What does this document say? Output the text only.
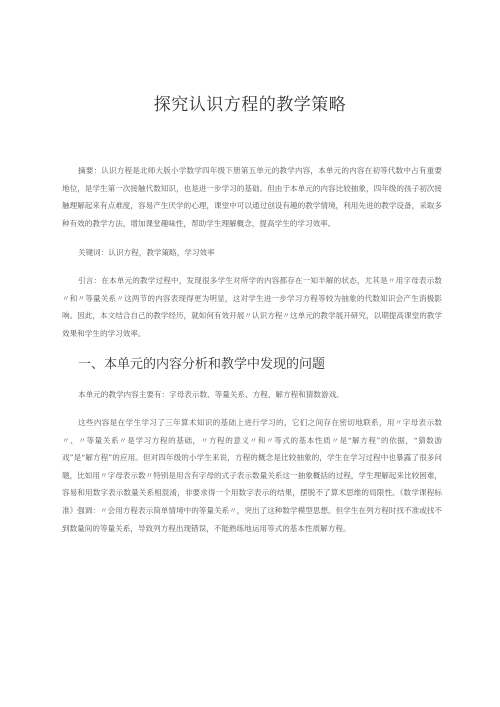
探究认识方程的教学策略

摘要：认识方程是北师大版小学数学四年级下册第五单元的教学内容，本单元的内容在初等代数中占有重要地位，是学生第一次接触代数知识，也是进一步学习的基础。但由于本单元的内容比较抽象，四年级的孩子初次接触理解起来有点难度，容易产生厌学的心理，课堂中可以通过创设有趣的教学情境，利用先进的教学设备，采取多种有效的教学方法，增加课堂趣味性，帮助学生理解概念，提高学生的学习效率。

关键词：认识方程，教学策略，学习效率

引言：在本单元的教学过程中，发现很多学生对所学的内容都存在一知半解的状态，尤其是〃用字母表示数〃和〃等量关系〃这两节的内容表现得更为明显，这对学生进一步学习方程等较为抽象的代数知识会产生消极影响。因此，本文结合自己的教学经历，就如何有效开展〃认识方程〃这单元的教学展开研究，以期提高课堂的教学效果和学生的学习效率。

一、本单元的内容分析和教学中发现的问题

本单元的教学内容主要有：字母表示数、等量关系、方程、解方程和猜数游戏。

这些内容是在学生学习了三年算术知识的基础上进行学习的，它们之间存在密切地联系，用〃字母表示数〃、〃等量关系〃是学习方程的基础，〃方程的意义〃和〃等式的基本性质〃是“解方程”的依据，“猜数游戏”是“解方程”的应用。但对四年级的小学生来说，方程的概念是比较抽象的，学生在学习过程中也暴露了很多问题，比如用〃字母表示数〃特别是用含有字母的式子表示数量关系这一抽象概括的过程，学生理解起来比较困难，容易和用数字表示数量关系相混淆，非要求得一个用数字表示的结果，摆脱不了算术思维的局限性。《数学课程标准》强调：〃会用方程表示简单情境中的等量关系〃，突出了这种数学模型思想。但学生在列方程时找不准或找不到数量间的等量关系，导致列方程出现错误，不能熟练地运用等式的基本性质解方程。
